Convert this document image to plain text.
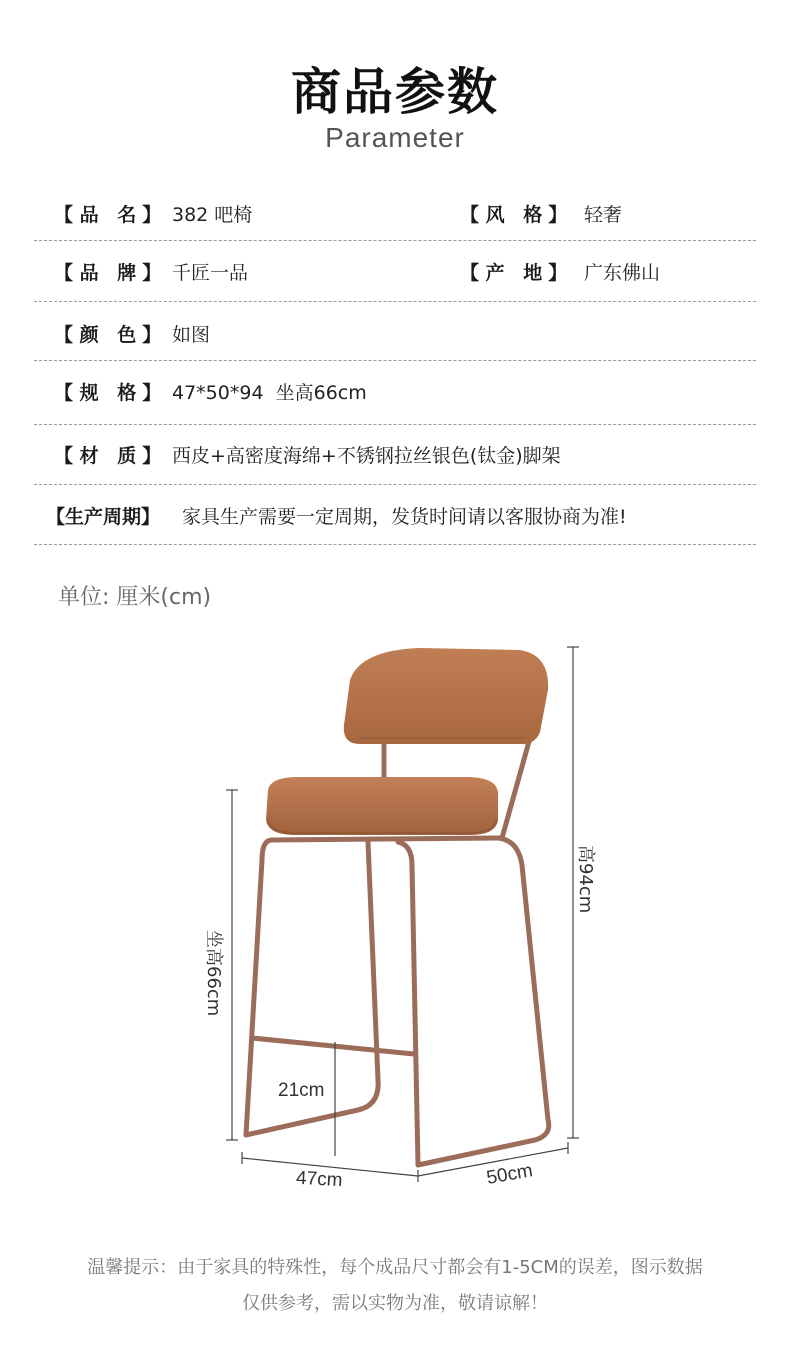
商品参数
Parameter
【 品 名】 382 吧椅	【 风 格】 轻奢
【 品 牌】 千匠一品	【 产 地】 广东佛山
【 颜 色】 如图
【 规 格】 47*50*94  坐高66cm
【 材 质】 西皮+高密度海绵+不锈钢拉丝银色(钛金)脚架
【生产周期】 家具生产需要一定周期，发货时间请以客服协商为准!
单位: 厘米(cm)
坐高66cm
高94cm
21cm
47cm	50cm
温馨提示：由于家具的特殊性，每个成品尺寸都会有1-5CM的误差，图示数据
仅供参考，需以实物为准，敬请谅解！
